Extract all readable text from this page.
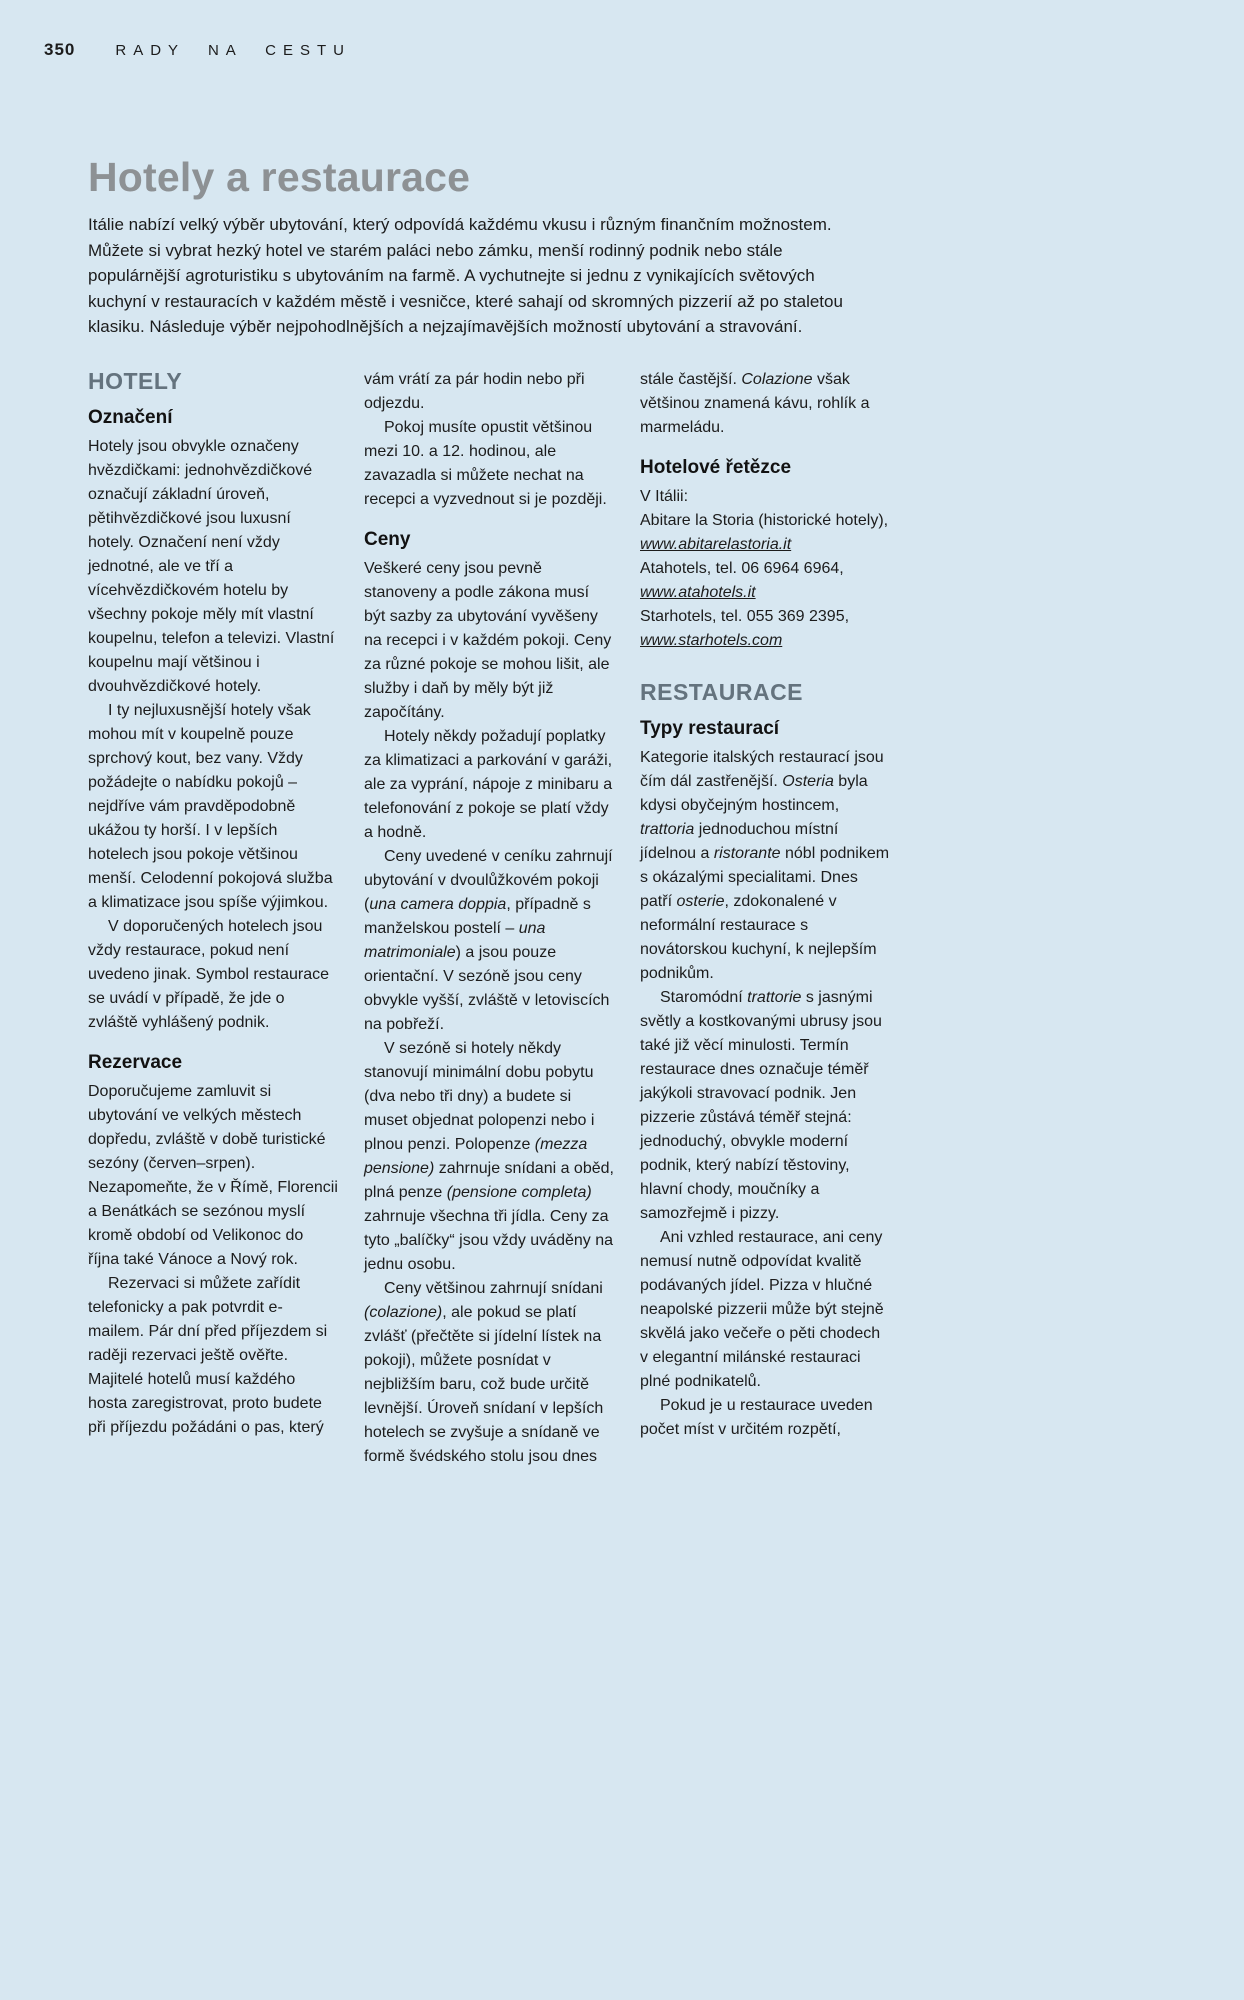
350	RADY NA CESTU
Hotely a restaurace

Itálie nabízí velký výběr ubytování, který odpovídá každému vkusu i různým finančním možnostem. Můžete si vybrat hezký hotel ve starém paláci nebo zámku, menší rodinný podnik nebo stále populárnější agroturistiku s ubytováním na farmě. A vychutnejte si jednu z vynikajících světových kuchyní v restauracích v každém městě i vesničce, které sahají od skromných pizzerií až po staletou klasiku. Následuje výběr nejpohodlnějších a nejzajímavějších možností ubytování a stravování.

HOTELY
Označení

Hotely jsou obvykle označeny hvězdičkami: jednohvězdičkové označují základní úroveň, pětihvězdičkové jsou luxusní hotely. Označení není vždy jednotné, ale ve tří a vícehvězdičkovém hotelu by všechny pokoje měly mít vlastní koupelnu, telefon a televizi. Vlastní koupelnu mají většinou i dvouhvězdičkové hotely.

I ty nejluxusnější hotely však mohou mít v koupelně pouze sprchový kout, bez vany. Vždy požádejte o nabídku pokojů – nejdříve vám pravděpodobně ukážou ty horší. I v lepších hotelech jsou pokoje většinou menší. Celodenní pokojová služba a klimatizace jsou spíše výjimkou.

V doporučených hotelech jsou vždy restaurace, pokud není uvedeno jinak. Symbol restaurace se uvádí v případě, že jde o zvláště vyhlášený podnik.

Rezervace

Doporučujeme zamluvit si ubytování ve velkých městech dopředu, zvláště v době turistické sezóny (červen–srpen). Nezapomeňte, že v Římě, Florencii a Benátkách se sezónou myslí kromě období od Velikonoc do října také Vánoce a Nový rok.

Rezervaci si můžete zařídit telefonicky a pak potvrdit e-mailem. Pár dní před příjezdem si raději rezervaci ještě ověřte. Majitelé hotelů musí každého hosta zaregistrovat, proto budete při příjezdu požádáni o pas, který

vám vrátí za pár hodin nebo při odjezdu.

Pokoj musíte opustit většinou mezi 10. a 12. hodinou, ale zavazadla si můžete nechat na recepci a vyzvednout si je později.

Ceny

Veškeré ceny jsou pevně stanoveny a podle zákona musí být sazby za ubytování vyvěšeny na recepci i v každém pokoji. Ceny za různé pokoje se mohou lišit, ale služby i daň by měly být již započítány.

Hotely někdy požadují poplatky za klimatizaci a parkování v garáži, ale za vyprání, nápoje z minibaru a telefonování z pokoje se platí vždy a hodně.

Ceny uvedené v ceníku zahrnují ubytování v dvoulůžkovém pokoji (una camera doppia, případně s manželskou postelí – una matrimoniale) a jsou pouze orientační. V sezóně jsou ceny obvykle vyšší, zvláště v letoviscích na pobřeží.

V sezóně si hotely někdy stanovují minimální dobu pobytu (dva nebo tři dny) a budete si muset objednat polopenzi nebo i plnou penzi. Polopenze (mezza pensione) zahrnuje snídani a oběd, plná penze (pensione completa) zahrnuje všechna tři jídla. Ceny za tyto „balíčky“ jsou vždy uváděny na jednu osobu.

Ceny většinou zahrnují snídani (colazione), ale pokud se platí zvlášť (přečtěte si jídelní lístek na pokoji), můžete posnídat v nejbližším baru, což bude určitě levnější. Úroveň snídaní v lepších hotelech se zvyšuje a snídaně ve formě švédského stolu jsou dnes

stále častější. Colazione však většinou znamená kávu, rohlík a marmeládu.

Hotelové řetězce

V Itálii:

Abitare la Storia (historické hotely), www.abitarelastoria.it

Atahotels, tel. 06 6964 6964, www.atahotels.it

Starhotels, tel. 055 369 2395, www.starhotels.com

RESTAURACE
Typy restaurací

Kategorie italských restaurací jsou čím dál zastřenější. Osteria byla kdysi obyčejným hostincem, trattoria jednoduchou místní jídelnou a ristorante nóbl podnikem s okázalými specialitami. Dnes patří osterie, zdokonalené v neformální restaurace s novátorskou kuchyní, k nejlepším podnikům.

Staromódní trattorie s jasnými světly a kostkovanými ubrusy jsou také již věcí minulosti. Termín restaurace dnes označuje téměř jakýkoli stravovací podnik. Jen pizzerie zůstává téměř stejná: jednoduchý, obvykle moderní podnik, který nabízí těstoviny, hlavní chody, moučníky a samozřejmě i pizzy.

Ani vzhled restaurace, ani ceny nemusí nutně odpovídat kvalitě podávaných jídel. Pizza v hlučné neapolské pizzerii může být stejně skvělá jako večeře o pěti chodech v elegantní milánské restauraci plné podnikatelů.

Pokud je u restaurace uveden počet míst v určitém rozpětí,
